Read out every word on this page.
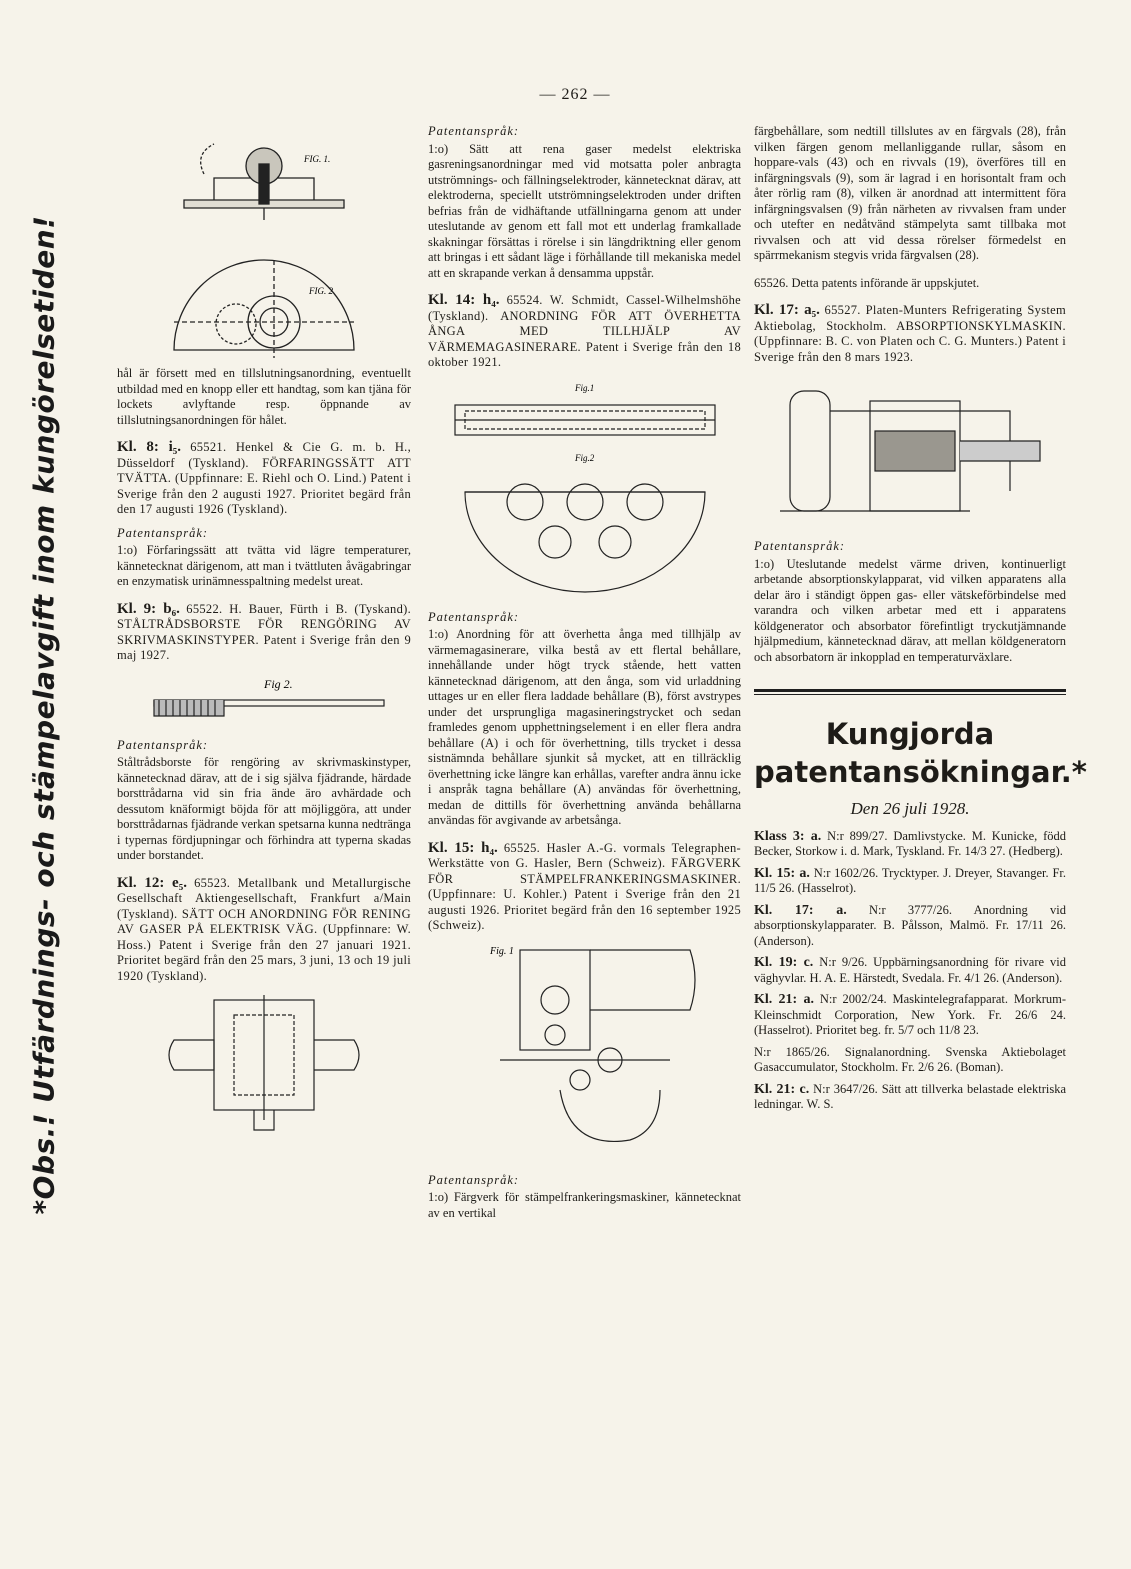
— 262 —
*Obs.! Utfärdnings- och stämpelavgift inom kungörelsetiden!
FIG. 1.
FIG. 2

hål är försett med en tillslutningsanordning, eventuellt utbildad med en knopp eller ett handtag, som kan tjäna för lockets avlyftande resp. öppnande av tillslutningsanordningen för hålet.

Kl. 8: i₅. 65521. Henkel & Cie G. m. b. H., Düsseldorf (Tyskland). FÖRFARINGSSÄTT ATT TVÄTTA. (Uppfinnare: E. Riehl och O. Lind.) Patent i Sverige från den 2 augusti 1927. Prioritet begärd från den 17 augusti 1926 (Tyskland).

Patentanspråk:

1:o) Förfaringssätt att tvätta vid lägre temperaturer, kännetecknat därigenom, att man i tvättluten åvägabringar en enzymatisk urinämnesspaltning medelst ureat.

Kl. 9: b₆. 65522. H. Bauer, Fürth i B. (Tyskand). STÅLTRÅDSBORSTE FÖR RENGÖRING AV SKRIVMASKINSTYPER. Patent i Sverige från den 9 maj 1927.

Fig 2.

Patentanspråk:

Ståltrådsborste för rengöring av skrivmaskinstyper, kännetecknad därav, att de i sig själva fjädrande, härdade borsttrådarna vid sin fria ände äro avhärdade och dessutom knäformigt böjda för att möjliggöra, att under borsttrådarnas fjädrande verkan spetsarna kunna nedtränga i typernas fördjupningar och förhindra att typerna skadas under borstandet.

Kl. 12: e₅. 65523. Metallbank und Metallurgische Gesellschaft Aktiengesellschaft, Frankfurt a/Main (Tyskland). SÄTT OCH ANORDNING FÖR RENING AV GASER PÅ ELEKTRISK VÄG. (Uppfinnare: W. Hoss.) Patent i Sverige från den 27 januari 1921. Prioritet begärd från den 25 mars, 3 juni, 13 och 19 juli 1920 (Tyskland).

Patentanspråk:

1:o) Sätt att rena gaser medelst elektriska gasreningsanordningar med vid motsatta poler anbragta utströmnings- och fällningselektroder, kännetecknat därav, att elektroderna, speciellt utströmningselektroden under driften befrias från de vidhäftande utfällningarna genom att under uteslutande av genom ett fall mot ett underlag framkallade skakningar försättas i rörelse i sin längdriktning eller genom att bringas i ett sådant läge i förhållande till mekaniska medel att en skrapande verkan å densamma uppstår.

Kl. 14: h₄. 65524. W. Schmidt, Cassel-Wilhelmshöhe (Tyskland). ANORDNING FÖR ATT ÖVERHETTA ÅNGA MED TILLHJÄLP AV VÄRMEMAGASINERARE. Patent i Sverige från den 18 oktober 1921.

Fig.1
Fig.2

Patentanspråk:

1:o) Anordning för att överhetta ånga med tillhjälp av värmemagasinerare, vilka bestå av ett flertal behållare, innehållande under högt tryck stående, hett vatten kännetecknad därigenom, att den ånga, som vid urladdning uttages ur en eller flera laddade behållare (B), först avstrypes under det ursprungliga magasineringstrycket och sedan framledes genom upphettningselement i en eller flera andra behållare (A) i och för överhettning, tills trycket i dessa sistnämnda behållare sjunkit så mycket, att en tillräcklig överhettning icke längre kan erhållas, varefter andra ännu icke i anspråk tagna behållare (A) användas för överhettning, medan de dittills för överhettning använda behållarna användas för avgivande av arbetsånga.

Kl. 15: h₄. 65525. Hasler A.-G. vormals Telegraphen-Werkstätte von G. Hasler, Bern (Schweiz). FÄRGVERK FÖR STÄMPELFRANKERINGSMASKINER. (Uppfinnare: U. Kohler.) Patent i Sverige från den 21 augusti 1926. Prioritet begärd från den 16 september 1925 (Schweiz).

Fig. 1

Patentanspråk:

1:o) Färgverk för stämpelfrankeringsmaskiner, kännetecknat av en vertikal

färgbehållare, som nedtill tillslutes av en färgvals (28), från vilken färgen genom mellanliggande rullar, såsom en hoppare-vals (43) och en rivvals (19), överföres till en infärgningsvals (9), som är lagrad i en horisontalt fram och åter rörlig ram (8), vilken är anordnad att intermittent föra infärgningsvalsen (9) från närheten av rivvalsen fram under och utefter en nedåtvänd stämpelyta samt tillbaka mot rivvalsen och att vid dessa rörelser förmedelst en spärrmekanism stegvis vrida färgvalsen (28).

65526. Detta patents införande är uppskjutet.

Kl. 17: a₅. 65527. Platen-Munters Refrigerating System Aktiebolag, Stockholm. ABSORPTIONSKYLMASKIN. (Uppfinnare: B. C. von Platen och C. G. Munters.) Patent i Sverige från den 8 mars 1923.

Patentanspråk:

1:o) Uteslutande medelst värme driven, kontinuerligt arbetande absorptionskylapparat, vid vilken apparatens alla delar äro i ständigt öppen gas- eller vätskeförbindelse med varandra och vilken arbetar med ett i apparatens köldgenerator och absorbator förefintligt tryckutjämnande hjälpmedium, kännetecknad därav, att mellan köldgeneratorn och absorbatorn är inkopplad en temperaturväxlare.

Kungjorda patentansökningar.*
Den 26 juli 1928.
Klass 3: a. N:r 899/27. Damlivstycke. M. Kunicke, född Becker, Storkow i. d. Mark, Tyskland. Fr. 14/3 27. (Hedberg).
Kl. 15: a. N:r 1602/26. Trycktyper. J. Dreyer, Stavanger. Fr. 11/5 26. (Hasselrot).
Kl. 17: a. N:r 3777/26. Anordning vid absorptionskylapparater. B. Pålsson, Malmö. Fr. 17/11 26. (Anderson).
Kl. 19: c. N:r 9/26. Uppbärningsanordning för rivare vid väghyvlar. H. A. E. Härstedt, Svedala. Fr. 4/1 26. (Anderson).
Kl. 21: a. N:r 2002/24. Maskintelegrafapparat. Morkrum-Kleinschmidt Corporation, New York. Fr. 26/6 24. (Hasselrot). Prioritet beg. fr. 5/7 och 11/8 23.
N:r 1865/26. Signalanordning. Svenska Aktiebolaget Gasaccumulator, Stockholm. Fr. 2/6 26. (Boman).
Kl. 21: c. N:r 3647/26. Sätt att tillverka belastade elektriska ledningar. W. S.
